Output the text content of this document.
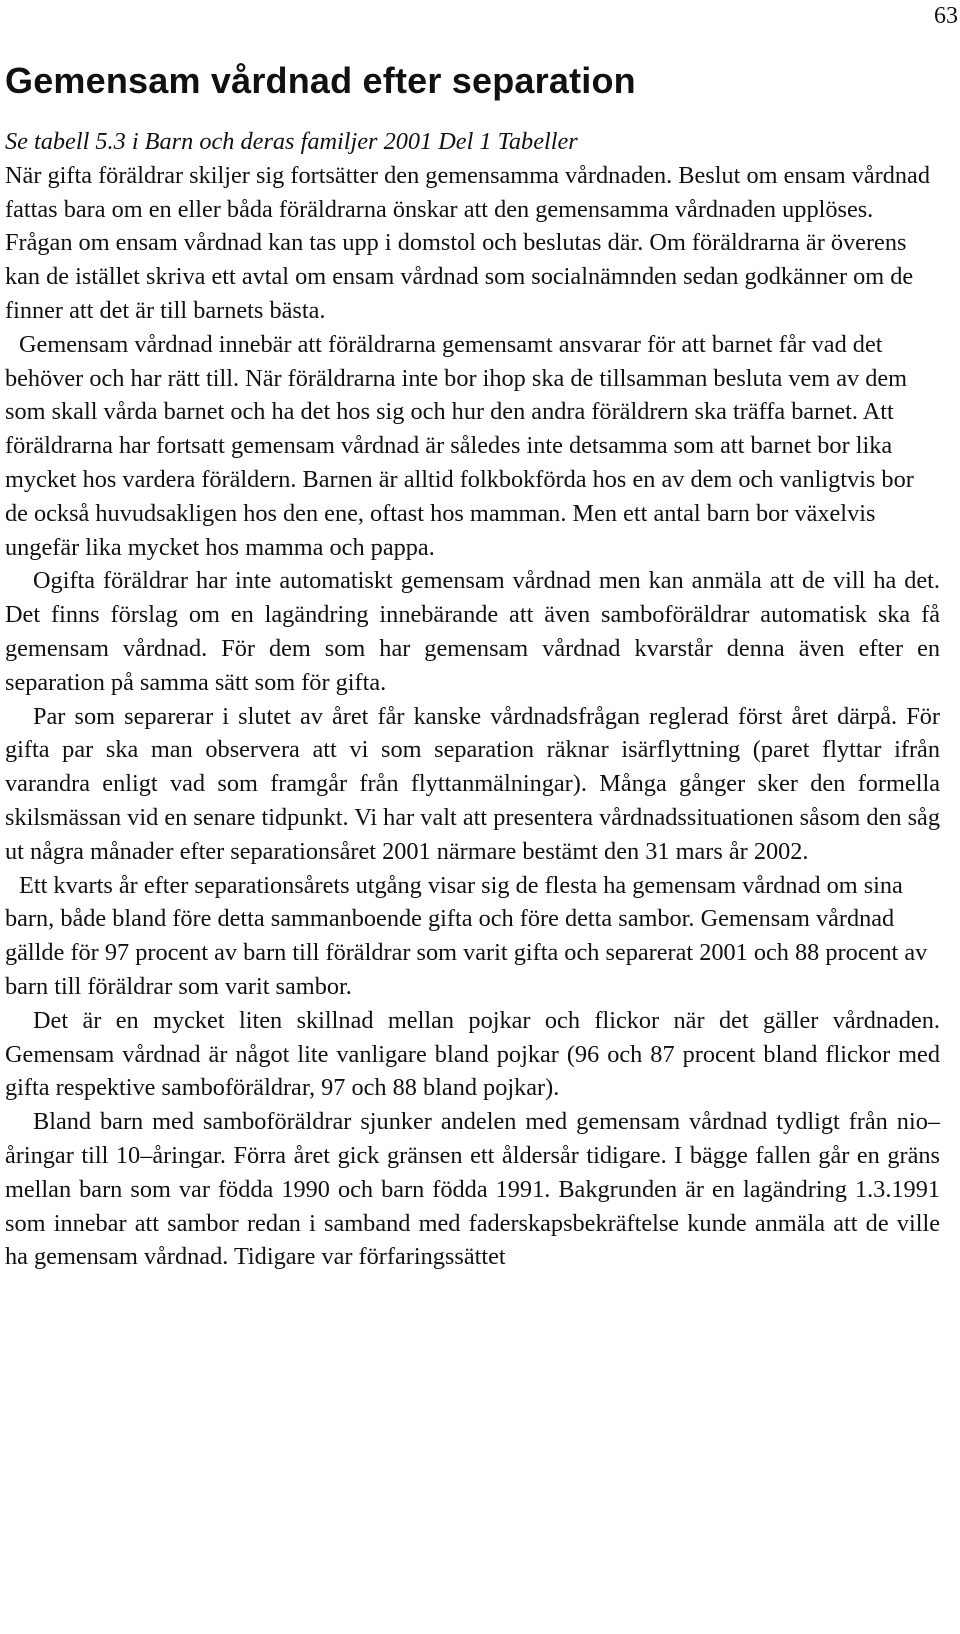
63
Gemensam vårdnad efter separation
Se tabell 5.3 i Barn och deras familjer 2001 Del 1 Tabeller

När gifta föräldrar skiljer sig fortsätter den gemensamma vårdnaden. Beslut om ensam vårdnad fattas bara om en eller båda föräldrarna önskar att den gemensamma vårdnaden upplöses. Frågan om ensam vårdnad kan tas upp i domstol och beslutas där. Om föräldrarna är överens kan de istället skriva ett avtal om ensam vårdnad som socialnämnden sedan godkänner om de finner att det är till barnets bästa.

Gemensam vårdnad innebär att föräldrarna gemensamt ansvarar för att barnet får vad det behöver och har rätt till. När föräldrarna inte bor ihop ska de tillsamman besluta vem av dem som skall vårda barnet och ha det hos sig och hur den andra föräldrern ska träffa barnet. Att föräldrarna har fortsatt gemensam vårdnad är således inte detsamma som att barnet bor lika mycket hos vardera föräldern. Barnen är alltid folkbokförda hos en av dem och vanligtvis bor de också huvudsakligen hos den ene, oftast hos mamman. Men ett antal barn bor växelvis ungefär lika mycket hos mamma och pappa.

Ogifta föräldrar har inte automatiskt gemensam vårdnad men kan anmäla att de vill ha det. Det finns förslag om en lagändring innebärande att även samboföräldrar automatisk ska få gemensam vårdnad. För dem som har gemensam vårdnad kvarstår denna även efter en separation på samma sätt som för gifta.

Par som separerar i slutet av året får kanske vårdnadsfrågan reglerad först året därpå. För gifta par ska man observera att vi som separation räknar isärflyttning (paret flyttar ifrån varandra enligt vad som framgår från flyttanmälningar). Många gånger sker den formella skilsmässan vid en senare tidpunkt. Vi har valt att presentera vårdnadssituationen såsom den såg ut några månader efter separationsåret 2001 närmare bestämt den 31 mars år 2002.

Ett kvarts år efter separationsårets utgång visar sig de flesta ha gemensam vårdnad om sina barn, både bland före detta sammanboende gifta och före detta sambor. Gemensam vårdnad gällde för 97 procent av barn till föräldrar som varit gifta och separerat 2001 och 88 procent av barn till föräldrar som varit sambor.

Det är en mycket liten skillnad mellan pojkar och flickor när det gäller vårdnaden. Gemensam vårdnad är något lite vanligare bland pojkar (96 och 87 procent bland flickor med gifta respektive samboföräldrar, 97 och 88 bland pojkar).

Bland barn med samboföräldrar sjunker andelen med gemensam vårdnad tydligt från nio–åringar till 10–åringar. Förra året gick gränsen ett åldersår tidigare. I bägge fallen går en gräns mellan barn som var födda 1990 och barn födda 1991. Bakgrunden är en lagändring 1.3.1991 som innebar att sambor redan i samband med faderskapsbekräftelse kunde anmäla att de ville ha gemensam vårdnad. Tidigare var förfaringssättet
